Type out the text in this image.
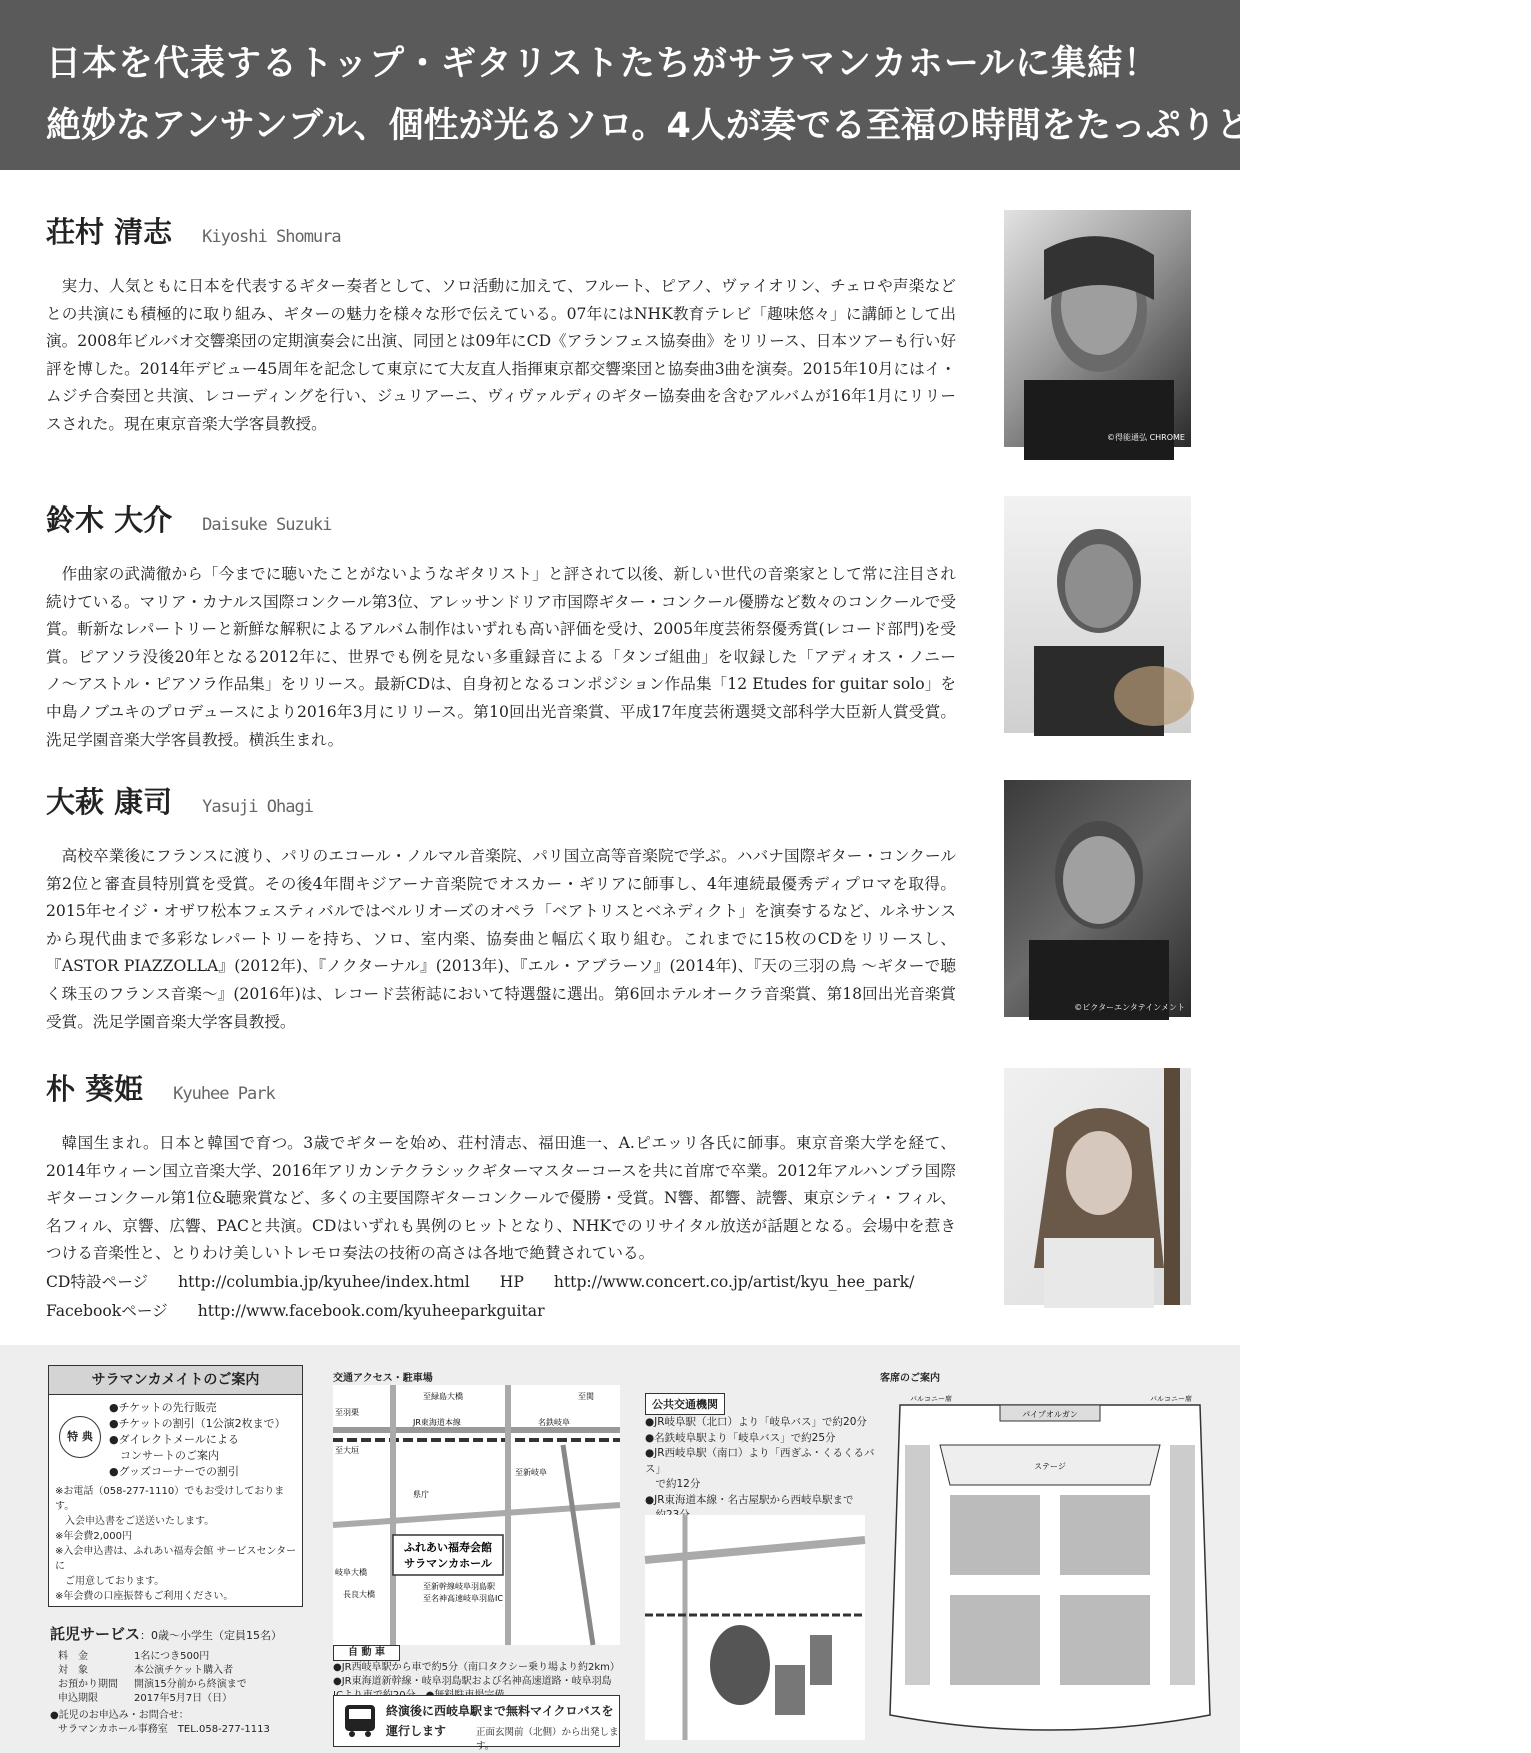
日本を代表するトップ・ギタリストたちがサラマンカホールに集結！
絶妙なアンサンブル、個性が光るソロ。4人が奏でる至福の時間をたっぷりとご堪能ください。
荘村 清志 Kiyoshi Shomura
実力、人気ともに日本を代表するギター奏者として、ソロ活動に加えて、フルート、ピアノ、ヴァイオリン、チェロや声楽などとの共演にも積極的に取り組み、ギターの魅力を様々な形で伝えている。07年にはNHK教育テレビ「趣味悠々」に講師として出演。2008年ビルバオ交響楽団の定期演奏会に出演、同団とは09年にCD《アランフェス協奏曲》をリリース、日本ツアーも行い好評を博した。2014年デビュー45周年を記念して東京にて大友直人指揮東京都交響楽団と協奏曲3曲を演奏。2015年10月にはイ・ムジチ合奏団と共演、レコーディングを行い、ジュリアーニ、ヴィヴァルディのギター協奏曲を含むアルバムが16年1月にリリースされた。現在東京音楽大学客員教授。
©得能通弘 CHROME
鈴木 大介 Daisuke Suzuki
作曲家の武満徹から「今までに聴いたことがないようなギタリスト」と評されて以後、新しい世代の音楽家として常に注目され続けている。マリア・カナルス国際コンクール第3位、アレッサンドリア市国際ギター・コンクール優勝など数々のコンクールで受賞。斬新なレパートリーと新鮮な解釈によるアルバム制作はいずれも高い評価を受け、2005年度芸術祭優秀賞(レコード部門)を受賞。ピアソラ没後20年となる2012年に、世界でも例を見ない多重録音による「タンゴ組曲」を収録した「アディオス・ノニーノ〜アストル・ピアソラ作品集」をリリース。最新CDは、自身初となるコンポジション作品集「12 Etudes for guitar solo」を中島ノブユキのプロデュースにより2016年3月にリリース。第10回出光音楽賞、平成17年度芸術選奨文部科学大臣新人賞受賞。洗足学園音楽大学客員教授。横浜生まれ。
大萩 康司 Yasuji Ohagi
高校卒業後にフランスに渡り、パリのエコール・ノルマル音楽院、パリ国立高等音楽院で学ぶ。ハバナ国際ギター・コンクール第2位と審査員特別賞を受賞。その後4年間キジアーナ音楽院でオスカー・ギリアに師事し、4年連続最優秀ディプロマを取得。2015年セイジ・オザワ松本フェスティバルではベルリオーズのオペラ「ベアトリスとベネディクト」を演奏するなど、ルネサンスから現代曲まで多彩なレパートリーを持ち、ソロ、室内楽、協奏曲と幅広く取り組む。これまでに15枚のCDをリリースし、『ASTOR PIAZZOLLA』(2012年)、『ノクターナル』(2013年)、『エル・アブラーソ』(2014年)、『天の三羽の鳥 〜ギターで聴く珠玉のフランス音楽〜』(2016年)は、レコード芸術誌において特選盤に選出。第6回ホテルオークラ音楽賞、第18回出光音楽賞受賞。洗足学園音楽大学客員教授。
©ビクターエンタテインメント
朴 葵姫 Kyuhee Park
韓国生まれ。日本と韓国で育つ。3歳でギターを始め、荘村清志、福田進一、A.ピエッリ各氏に師事。東京音楽大学を経て、2014年ウィーン国立音楽大学、2016年アリカンテクラシックギターマスターコースを共に首席で卒業。2012年アルハンブラ国際ギターコンクール第1位&聴衆賞など、多くの主要国際ギターコンクールで優勝・受賞。N響、都響、読響、東京シティ・フィル、名フィル、京響、広響、PACと共演。CDはいずれも異例のヒットとなり、NHKでのリサイタル放送が話題となる。会場中を惹きつける音楽性と、とりわけ美しいトレモロ奏法の技術の高さは各地で絶賛されている。
CD特設ページ http://columbia.jp/kyuhee/index.html HP http://www.concert.co.jp/artist/kyu_hee_park/
Facebookページ http://www.facebook.com/kyuheeparkguitar
サラマンカメイトのご案内
特 典
●チケットの先行販売
●チケットの割引（1公演2枚まで）
●ダイレクトメールによる
　コンサートのご案内
●グッズコーナーでの割引
※お電話（058-277-1110）でもお受けしております。
　入会申込書をご送送いたします。
※年会費2,000円
※入会申込書は、ふれあい福寿会館 サービスセンターに
　ご用意しております。
※年会費の口座振替もご利用ください。
託児サービス：0歳〜小学生（定員15名）
料　金	1名につき500円
対　象	本公演チケット購入者
お預かり期間	開演15分前から終演まで
申込期限	2017年5月7日（日）
●託児のお申込み・お問合せ：
サラマンカホール事務室　TEL.058-277-1113
交通アクセス・駐車場
ふれあい福寿会館
サラマンカホール
至緑島大橋	至関
至羽栗
JR東海道本線	名鉄岐阜
至大垣
県庁
岐阜大橋
長良大橋
至新岐阜
至新幹線岐阜羽島駅
至名神高速岐阜羽島IC
自 動 車
●JR西岐阜駅から車で約5分（南口タクシー乗り場より約2km）
●JR東海道新幹線・岐阜羽島駅および名神高速道路・岐阜羽島　
終演後に西岐阜駅まで無料マイクロバスを
運行します	正面玄関前（北側）から出発します。
公共交通機関
●JR岐阜駅（北口）より「岐阜バス」で約20分
●名鉄岐阜駅より「岐阜バス」で約25分
●JR西岐阜駅（南口）より「西ぎふ・くるくるバス」
　で約12分
●JR東海道本線・名古屋駅から西岐阜駅まで
客席のご案内
パイプオルガン
バルコニー席	バルコニー席
ステージ
